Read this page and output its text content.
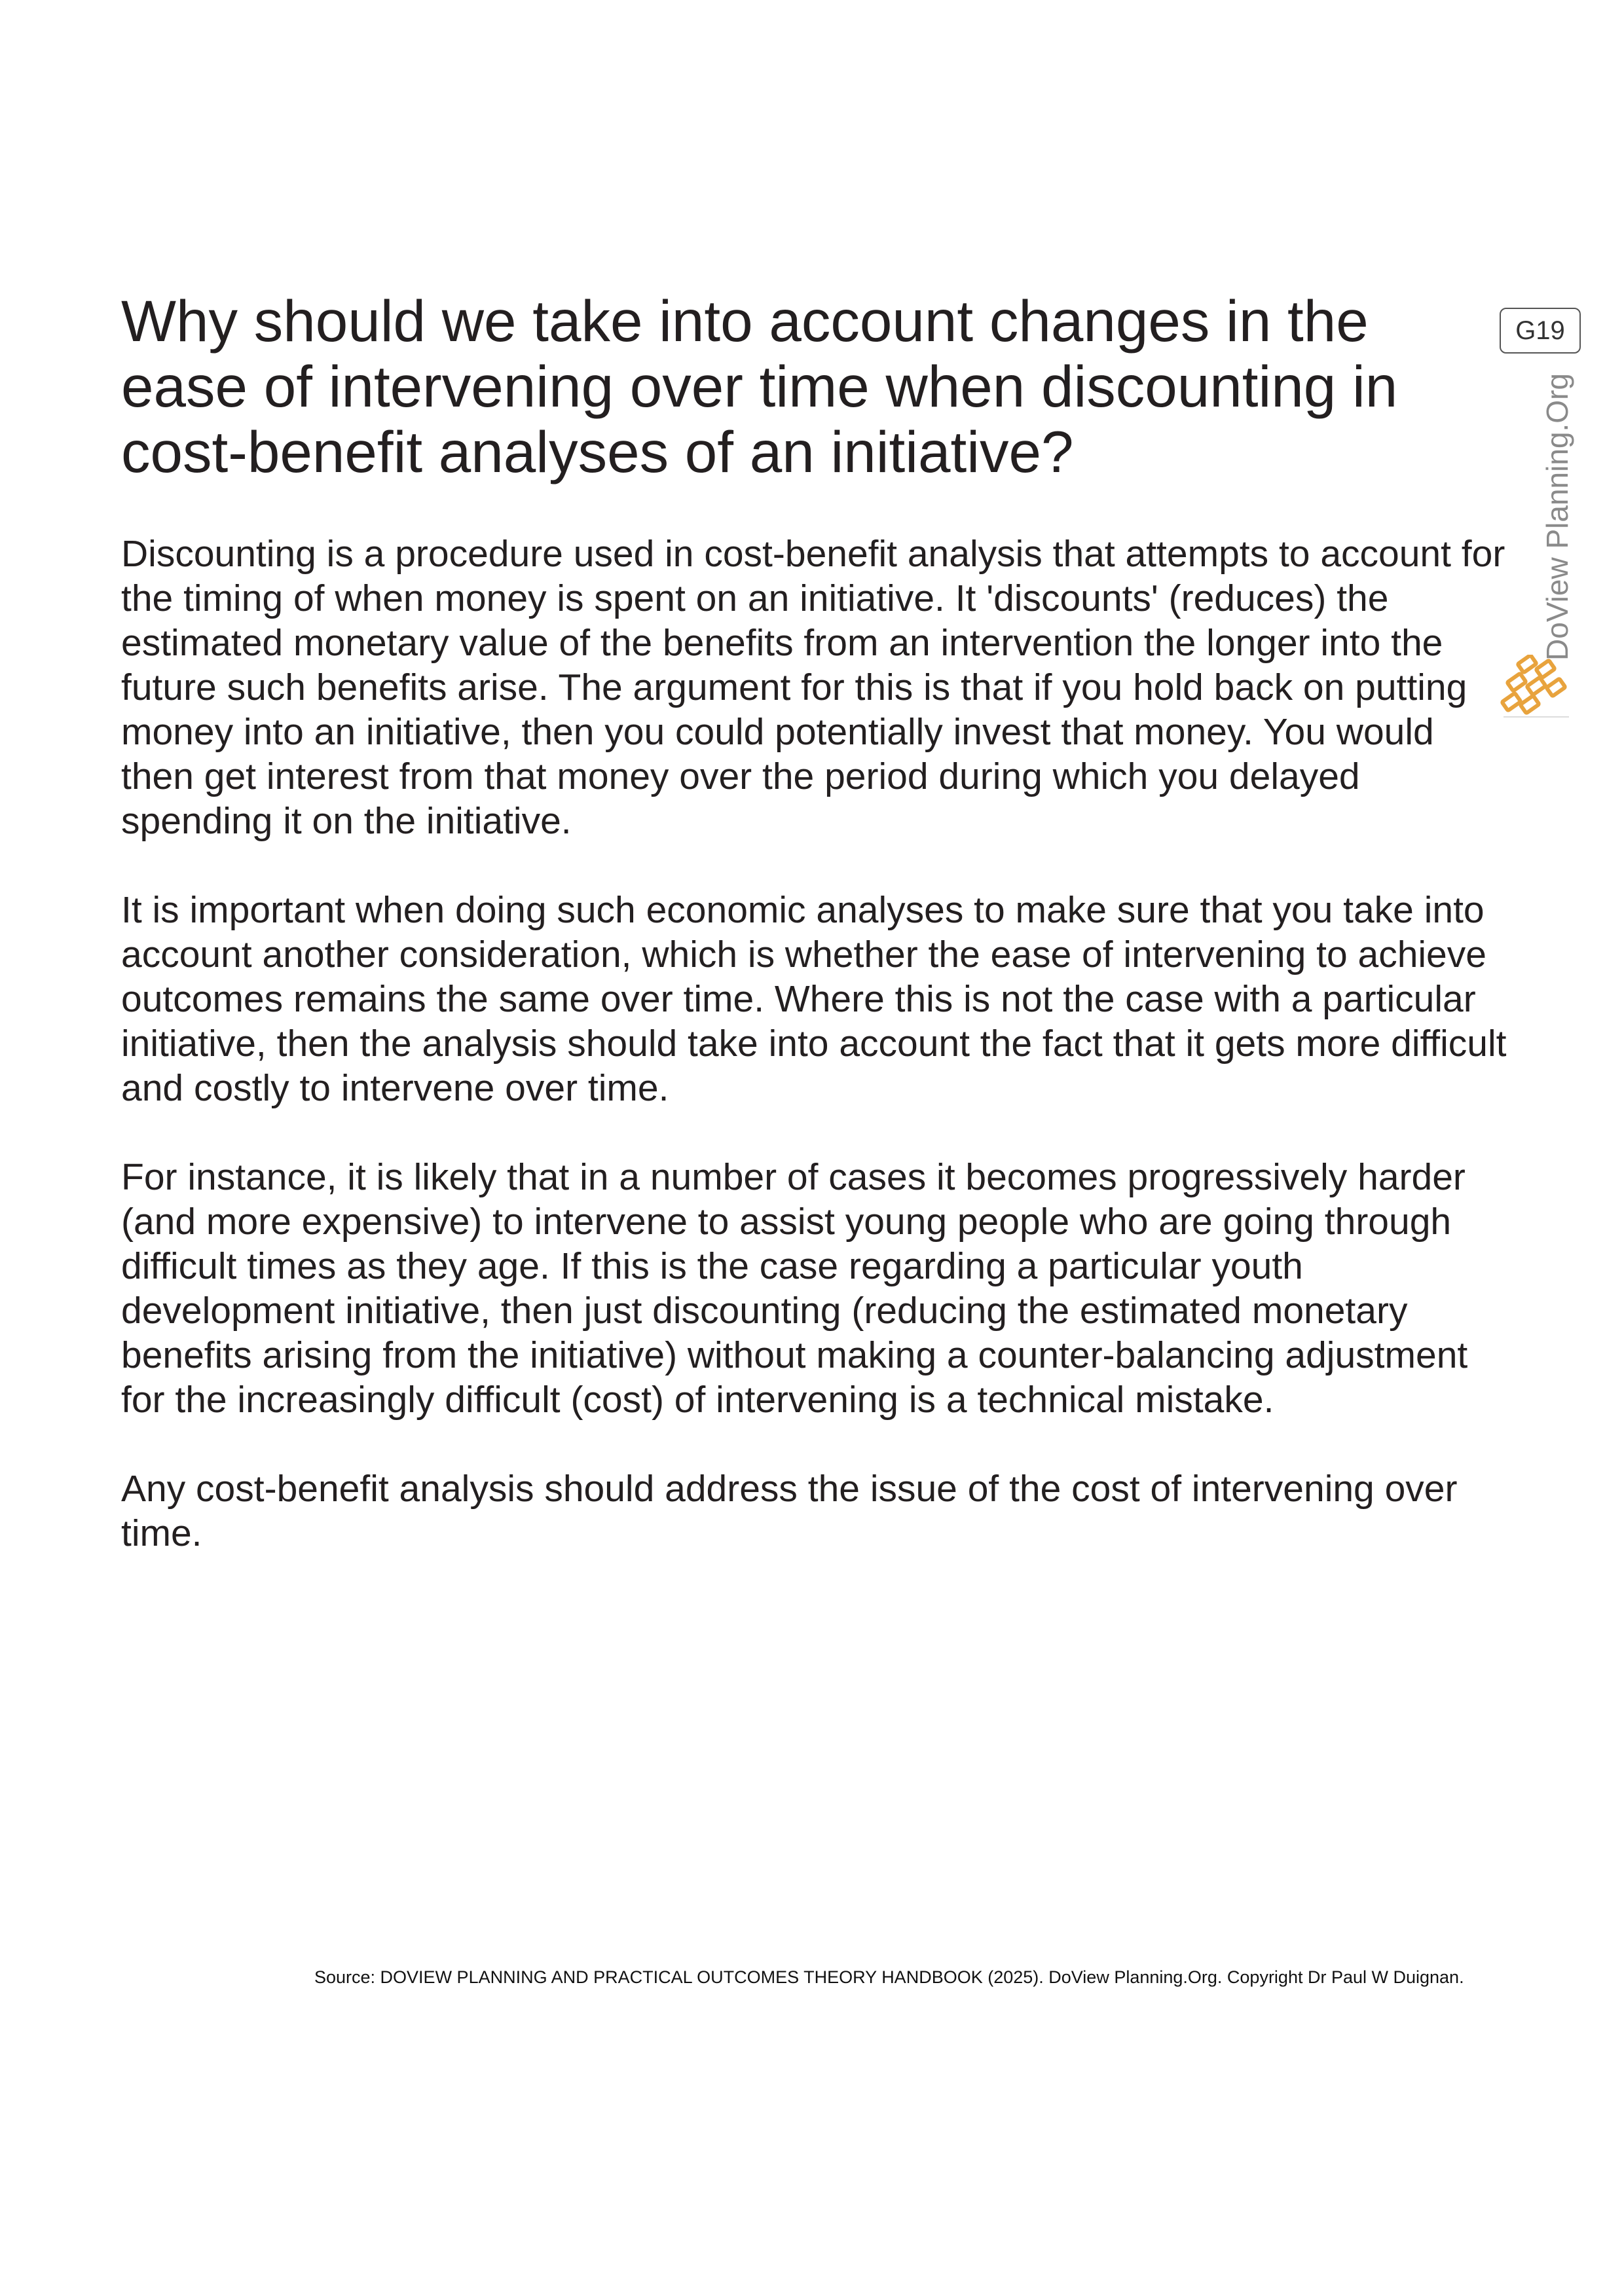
Why should we take into account changes in the ease of intervening over time when discounting in cost-benefit analyses of an initiative?

Discounting is a procedure used in cost-benefit analysis that attempts to account for the timing of when money is spent on an initiative. It 'discounts' (reduces) the estimated monetary value of the benefits from an intervention the longer into the future such benefits arise. The argument for this is that if you hold back on putting money into an initiative, then you could potentially invest that money. You would then get interest from that money over the period during which you delayed spending it on the initiative.

It is important when doing such economic analyses to make sure that you take into account another consideration, which is whether the ease of intervening to achieve outcomes remains the same over time. Where this is not the case with a particular initiative, then the analysis should take into account the fact that it gets more difficult and costly to intervene over time.

For instance, it is likely that in a number of cases it becomes progressively harder (and more expensive) to intervene to assist young people who are going through difficult times as they age. If this is the case regarding a particular youth development initiative, then just discounting (reducing the estimated monetary benefits arising from the initiative) without making a counter-balancing adjustment for the increasingly difficult (cost) of intervening is a technical mistake.

Any cost-benefit analysis should address the issue of the cost of intervening over time.

G19
DoView Planning.Org
Source: DOVIEW PLANNING AND PRACTICAL OUTCOMES THEORY HANDBOOK (2025). DoView Planning.Org. Copyright Dr Paul W Duignan.
